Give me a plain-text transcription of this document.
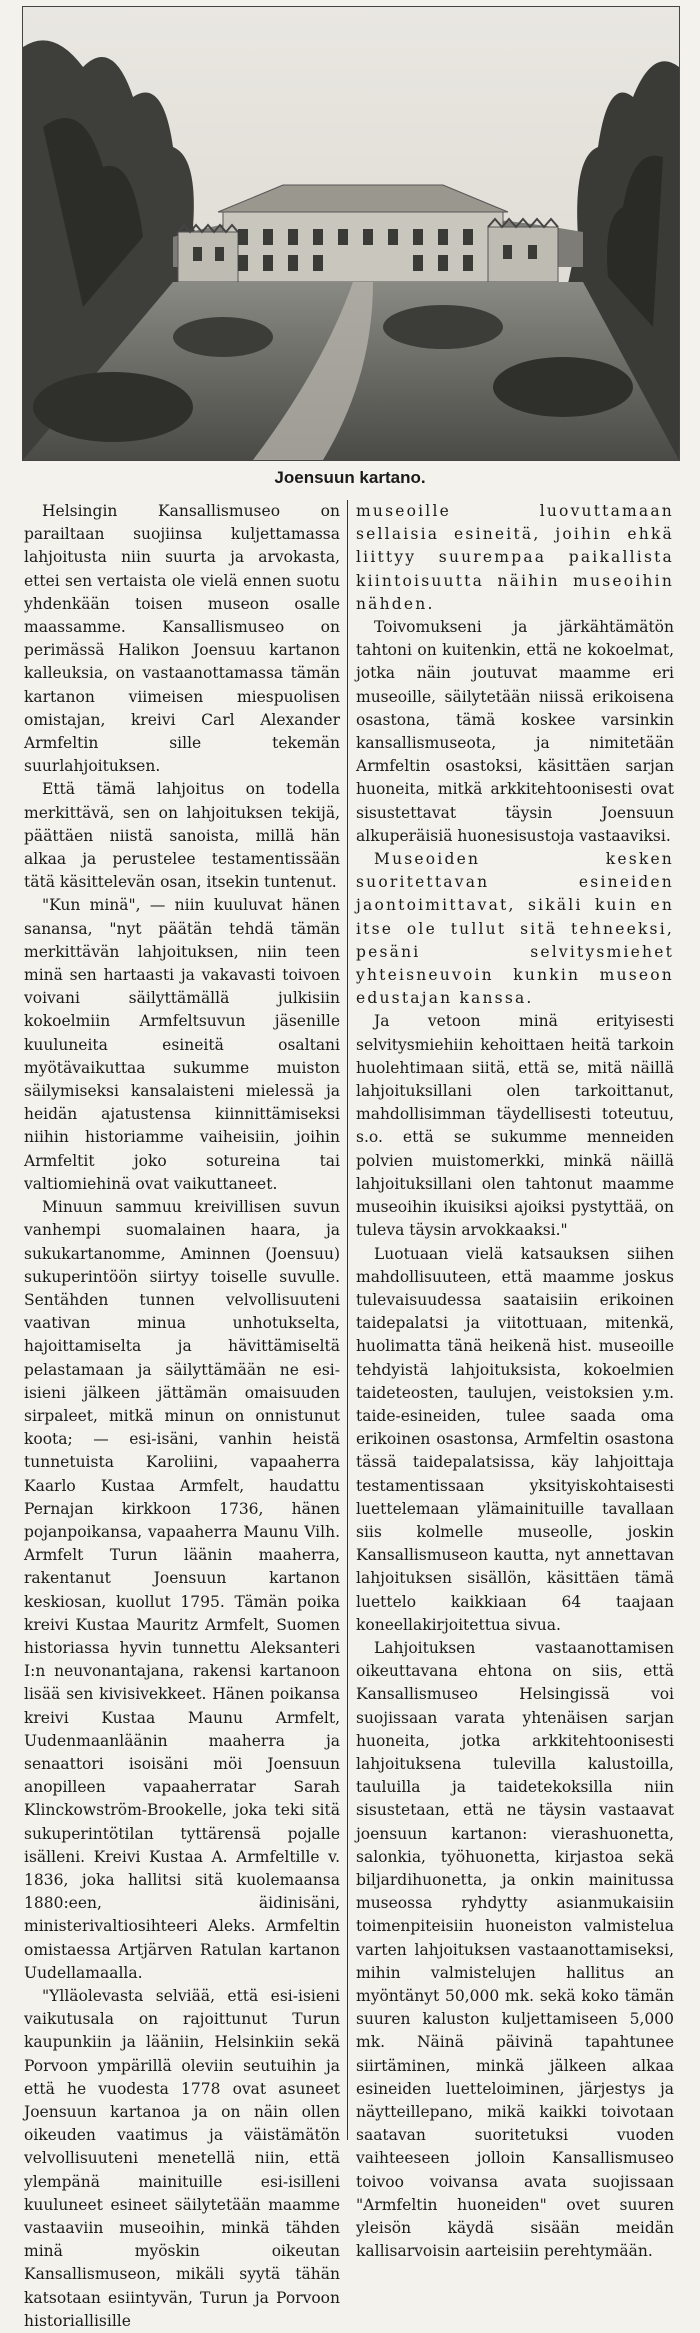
Joensuun kartano.

Helsingin Kansallismuseo on parailtaan suojiinsa kuljettamassa lahjoitusta niin suurta ja arvokasta, ettei sen vertaista ole vielä ennen suotu yhdenkään toisen museon osalle maassamme. Kansallismuseo on perimässä Halikon Joensuu kartanon kalleuksia, on vastaanottamassa tämän kartanon viimeisen miespuolisen omistajan, kreivi Carl Alexander Armfeltin sille tekemän suurlahjoituksen.

Että tämä lahjoitus on todella merkittävä, sen on lahjoituksen tekijä, päättäen niistä sanoista, millä hän alkaa ja perustelee testamentissään tätä käsittelevän osan, itsekin tuntenut.

"Kun minä", — niin kuuluvat hänen sanansa, "nyt päätän tehdä tämän merkittävän lahjoituksen, niin teen minä sen hartaasti ja vakavasti toivoen voivani säilyttämällä julkisiin kokoelmiin Armfeltsuvun jäsenille kuuluneita esineitä osaltani myötävaikuttaa sukumme muiston säilymiseksi kansalaisteni mielessä ja heidän ajatustensa kiinnittämiseksi niihin historiamme vaiheisiin, joihin Armfeltit joko sotureina tai valtiomiehinä ovat vaikuttaneet.

Minuun sammuu kreivillisen suvun vanhempi suomalainen haara, ja sukukartanomme, Aminnen (Joensuu) sukuperintöön siirtyy toiselle suvulle. Sentähden tunnen velvollisuuteni vaativan minua unhotukselta, hajoittamiselta ja hävittämiseltä pelastamaan ja säilyttämään ne esi-isieni jälkeen jättämän omaisuuden sirpaleet, mitkä minun on onnistunut koota; — esi-isäni, vanhin heistä tunnetuista Karoliini, vapaaherra Kaarlo Kustaa Armfelt, haudattu Pernajan kirkkoon 1736, hänen pojanpoikansa, vapaaherra Maunu Vilh. Armfelt Turun läänin maaherra, rakentanut Joensuun kartanon keskiosan, kuollut 1795. Tämän poika kreivi Kustaa Mauritz Armfelt, Suomen historiassa hyvin tunnettu Aleksanteri I:n neuvonantajana, rakensi kartanoon lisää sen kivisivekkeet. Hänen poikansa kreivi Kustaa Maunu Armfelt, Uudenmaanläänin maaherra ja senaattori isoisäni möi Joensuun anopilleen vapaaherratar Sarah Klinckowström-Brookelle, joka teki sitä sukuperintötilan tyttärensä pojalle isälleni. Kreivi Kustaa A. Armfeltille v. 1836, joka hallitsi sitä kuolemaansa 1880:een, äidinisäni, ministerivaltiosihteeri Aleks. Armfeltin omistaessa Artjärven Ratulan kartanon Uudellamaalla.

"Ylläolevasta selviää, että esi-isieni vaikutusala on rajoittunut Turun kaupunkiin ja lääniin, Helsinkiin sekä Porvoon ympärillä oleviin seutuihin ja että he vuodesta 1778 ovat asuneet Joensuun kartanoa ja on näin ollen oikeuden vaatimus ja väistämätön velvollisuuteni menetellä niin, että ylempänä mainituille esi-isilleni kuuluneet esineet säilytetään maamme vastaaviin museoihin, minkä tähden minä myöskin oikeutan Kansallismuseon, mikäli syytä tähän katsotaan esiintyvän, Turun ja Porvoon historiallisille

museoille luovuttamaan sellaisia esineitä, joihin ehkä liittyy suurempaa paikallista kiintoisuutta näihin museoihin nähden.

Toivomukseni ja järkähtämätön tahtoni on kuitenkin, että ne kokoelmat, jotka näin joutuvat maamme eri museoille, säilytetään niissä erikoisena osastona, tämä koskee varsinkin kansallismuseota, ja nimitetään Armfeltin osastoksi, käsittäen sarjan huoneita, mitkä arkkitehtoonisesti ovat sisustettavat täysin Joensuun alkuperäisiä huonesisustoja vastaaviksi.

Museoiden kesken suoritettavan esineiden jaontoimittavat, sikäli kuin en itse ole tullut sitä tehneeksi, pesäni selvitysmiehet yhteisneuvoin kunkin museon edustajan kanssa.

Ja vetoon minä erityisesti selvitysmiehiin kehoittaen heitä tarkoin huolehtimaan siitä, että se, mitä näillä lahjoituksillani olen tarkoittanut, mahdollisimman täydellisesti toteutuu, s.o. että se sukumme menneiden polvien muistomerkki, minkä näillä lahjoituksillani olen tahtonut maamme museoihin ikuisiksi ajoiksi pystyttää, on tuleva täysin arvokkaaksi."

Luotuaan vielä katsauksen siihen mahdollisuuteen, että maamme joskus tulevaisuudessa saataisiin erikoinen taidepalatsi ja viitottuaan, mitenkä, huolimatta tänä heikenä hist. museoille tehdyistä lahjoituksista, kokoelmien taideteosten, taulujen, veistoksien y.m. taide-esineiden, tulee saada oma erikoinen osastonsa, Armfeltin osastona tässä taidepalatsissa, käy lahjoittaja testamentissaan yksityiskohtaisesti luettelemaan ylämainituille tavallaan siis kolmelle museolle, joskin Kansallismuseon kautta, nyt annettavan lahjoituksen sisällön, käsittäen tämä luettelo kaikkiaan 64 taajaan koneellakirjoitettua sivua.

Lahjoituksen vastaanottamisen oikeuttavana ehtona on siis, että Kansallismuseo Helsingissä voi suojissaan varata yhtenäisen sarjan huoneita, jotka arkkitehtoonisesti lahjoituksena tulevilla kalustoilla, tauluilla ja taidetekoksilla niin sisustetaan, että ne täysin vastaavat joensuun kartanon: vierashuonetta, salonkia, työhuonetta, kirjastoa sekä biljardihuonetta, ja onkin mainitussa museossa ryhdytty asianmukaisiin toimenpiteisiin huoneiston valmistelua varten lahjoituksen vastaanottamiseksi, mihin valmistelujen hallitus an myöntänyt 50,000 mk. sekä koko tämän suuren kaluston kuljettamiseen 5,000 mk. Näinä päivinä tapahtunee siirtäminen, minkä jälkeen alkaa esineiden luetteloiminen, järjestys ja näytteillepano, mikä kaikki toivotaan saatavan suoritetuksi vuoden vaihteeseen jolloin Kansallismuseo toivoo voivansa avata suojissaan "Armfeltin huoneiden" ovet suuren yleisön käydä sisään meidän kallisarvoisin aarteisiin perehtymään.
